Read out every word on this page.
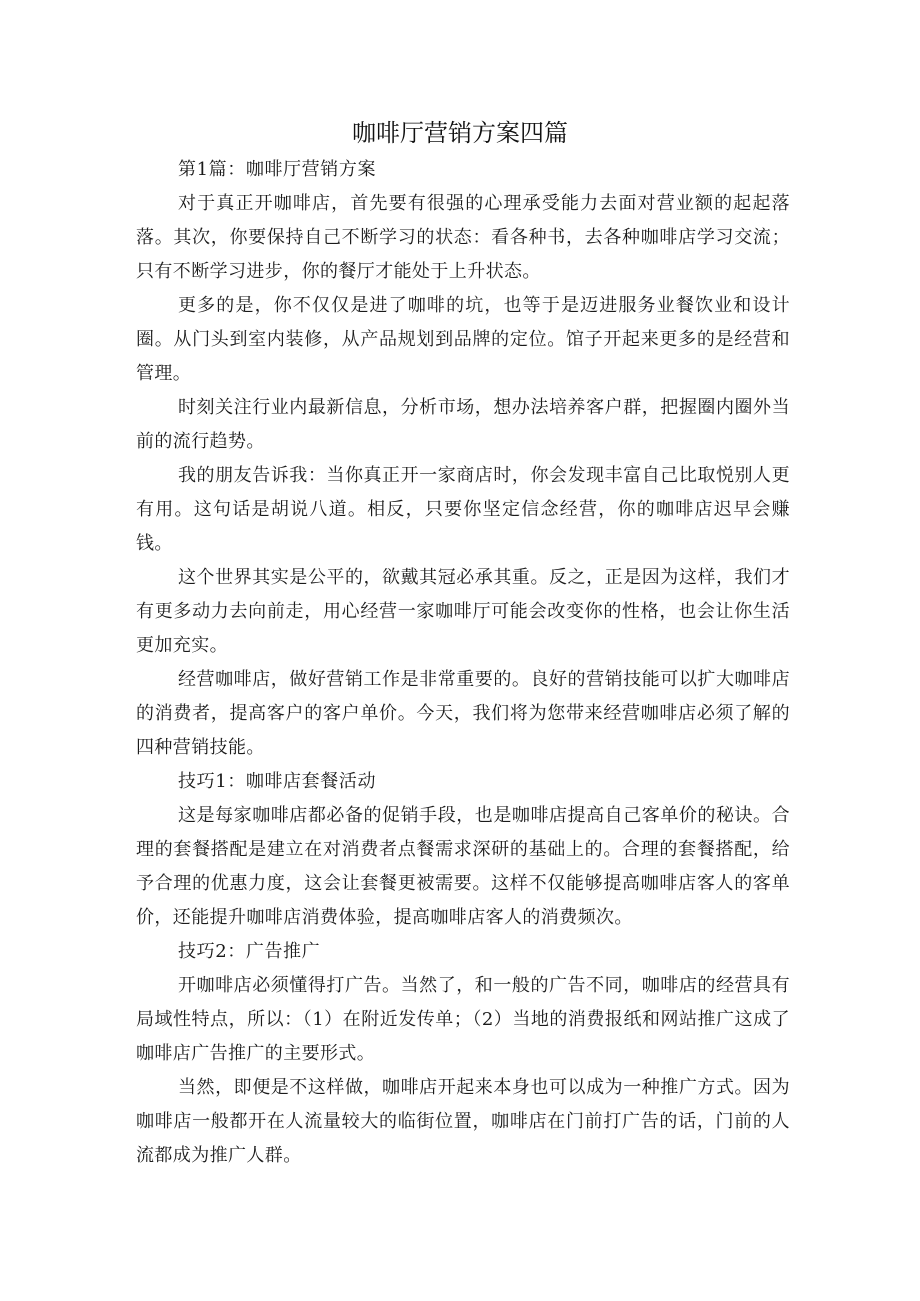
咖啡厅营销方案四篇

第1篇：咖啡厅营销方案

对于真正开咖啡店，首先要有很强的心理承受能力去面对营业额的起起落落。其次，你要保持自己不断学习的状态：看各种书，去各种咖啡店学习交流；只有不断学习进步，你的餐厅才能处于上升状态。

更多的是，你不仅仅是进了咖啡的坑，也等于是迈进服务业餐饮业和设计圈。从门头到室内装修，从产品规划到品牌的定位。馆子开起来更多的是经营和管理。

时刻关注行业内最新信息，分析市场，想办法培养客户群，把握圈内圈外当前的流行趋势。

我的朋友告诉我：当你真正开一家商店时，你会发现丰富自己比取悦别人更有用。这句话是胡说八道。相反，只要你坚定信念经营，你的咖啡店迟早会赚钱。

这个世界其实是公平的，欲戴其冠必承其重。反之，正是因为这样，我们才有更多动力去向前走，用心经营一家咖啡厅可能会改变你的性格，也会让你生活更加充实。

经营咖啡店，做好营销工作是非常重要的。良好的营销技能可以扩大咖啡店的消费者，提高客户的客户单价。今天，我们将为您带来经营咖啡店必须了解的四种营销技能。

技巧1：咖啡店套餐活动

这是每家咖啡店都必备的促销手段，也是咖啡店提高自己客单价的秘诀。合理的套餐搭配是建立在对消费者点餐需求深研的基础上的。合理的套餐搭配，给予合理的优惠力度，这会让套餐更被需要。这样不仅能够提高咖啡店客人的客单价，还能提升咖啡店消费体验，提高咖啡店客人的消费频次。

技巧2：广告推广

开咖啡店必须懂得打广告。当然了，和一般的广告不同，咖啡店的经营具有局域性特点，所以：（1）在附近发传单；（2）当地的消费报纸和网站推广这成了咖啡店广告推广的主要形式。

当然，即便是不这样做，咖啡店开起来本身也可以成为一种推广方式。因为咖啡店一般都开在人流量较大的临街位置，咖啡店在门前打广告的话，门前的人流都成为推广人群。
